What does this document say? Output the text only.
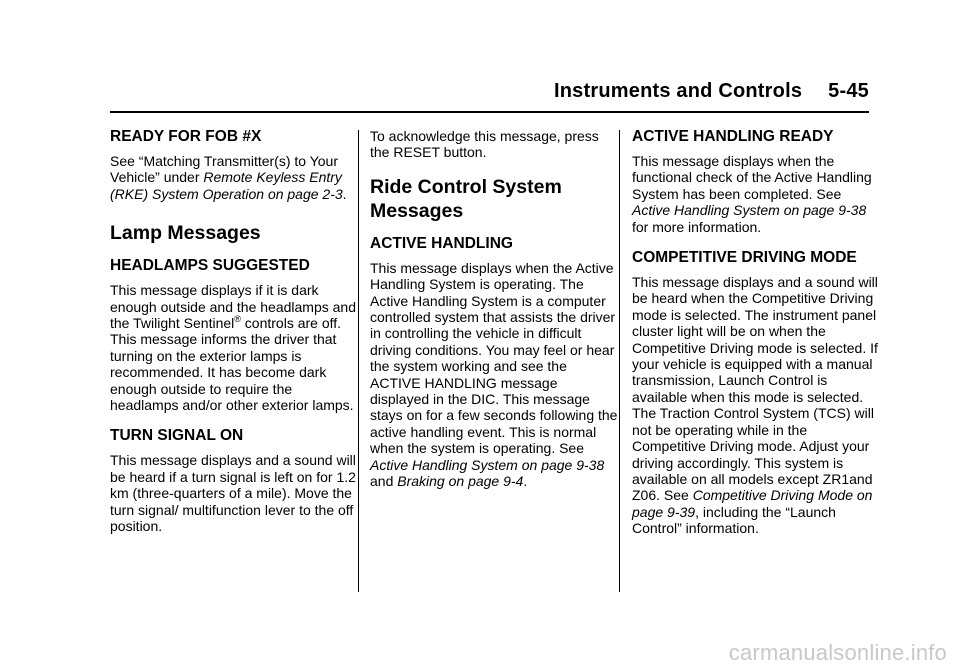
Instruments and Controls 5-45
READY FOR FOB #X

See “Matching Transmitter(s) to Your Vehicle” under Remote Keyless Entry (RKE) System Operation on page 2-3.

Lamp Messages
HEADLAMPS SUGGESTED

This message displays if it is dark enough outside and the headlamps and the Twilight Sentinel® controls are off. This message informs the driver that turning on the exterior lamps is recommended. It has become dark enough outside to require the headlamps and/or other exterior lamps.

TURN SIGNAL ON

This message displays and a sound will be heard if a turn signal is left on for 1.2 km (three-quarters of a mile). Move the turn signal/ multifunction lever to the off position.

To acknowledge this message, press the RESET button.

Ride Control System Messages
ACTIVE HANDLING

This message displays when the Active Handling System is operating. The Active Handling System is a computer controlled system that assists the driver in controlling the vehicle in difficult driving conditions. You may feel or hear the system working and see the ACTIVE HANDLING message displayed in the DIC. This message stays on for a few seconds following the active handling event. This is normal when the system is operating. See Active Handling System on page 9-38 and Braking on page 9-4.

ACTIVE HANDLING READY

This message displays when the functional check of the Active Handling System has been completed. See Active Handling System on page 9-38 for more information.

COMPETITIVE DRIVING MODE

This message displays and a sound will be heard when the Competitive Driving mode is selected. The instrument panel cluster light will be on when the Competitive Driving mode is selected. If your vehicle is equipped with a manual transmission, Launch Control is available when this mode is selected. The Traction Control System (TCS) will not be operating while in the Competitive Driving mode. Adjust your driving accordingly. This system is available on all models except ZR1and Z06. See Competitive Driving Mode on page 9-39, including the “Launch Control” information.

carmanualsonline.info
